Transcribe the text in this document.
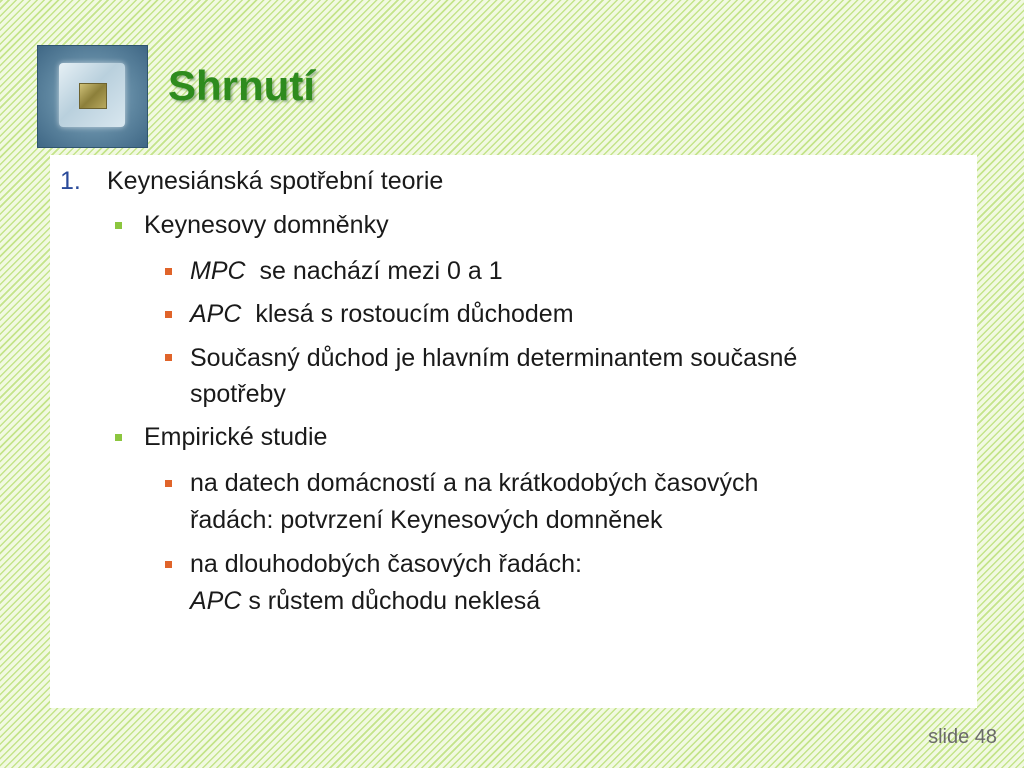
Shrnutí
1. Keynesiánská spotřební teorie
Keynesovy domněnky
MPC se nachází mezi 0 a 1
APC klesá s rostoucím důchodem
Současný důchod je hlavním determinantem současné
spotřeby
Empirické studie
na datech domácností a na krátkodobých časových
řadách: potvrzení Keynesových domněnek
na dlouhodobých časových řadách:
APC s růstem důchodu neklesá
slide 48
